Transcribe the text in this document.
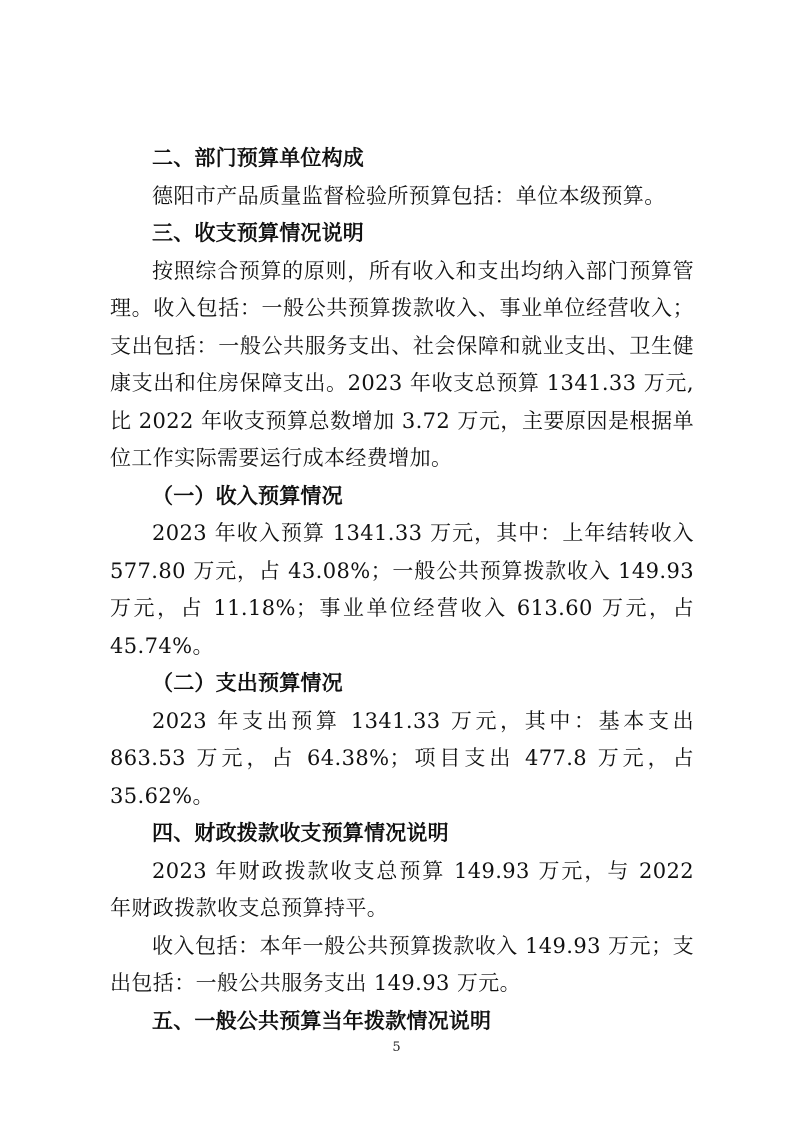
二、部门预算单位构成

德阳市产品质量监督检验所预算包括：单位本级预算。

三、收支预算情况说明

按照综合预算的原则，所有收入和支出均纳入部门预算管理。收入包括：一般公共预算拨款收入、事业单位经营收入；支出包括：一般公共服务支出、社会保障和就业支出、卫生健康支出和住房保障支出。2023 年收支总预算 1341.33 万元,比 2022 年收支预算总数增加 3.72 万元，主要原因是根据单位工作实际需要运行成本经费增加。

（一）收入预算情况

2023 年收入预算 1341.33 万元，其中：上年结转收入 577.80 万元，占 43.08%；一般公共预算拨款收入 149.93 万元，占 11.18%；事业单位经营收入 613.60 万元，占 45.74%。

（二）支出预算情况

2023 年支出预算 1341.33 万元，其中：基本支出 863.53 万元，占 64.38%；项目支出 477.8 万元，占 35.62%。

四、财政拨款收支预算情况说明

2023 年财政拨款收支总预算 149.93 万元，与 2022 年财政拨款收支总预算持平。

收入包括：本年一般公共预算拨款收入 149.93 万元；支出包括：一般公共服务支出 149.93 万元。

五、一般公共预算当年拨款情况说明

5
